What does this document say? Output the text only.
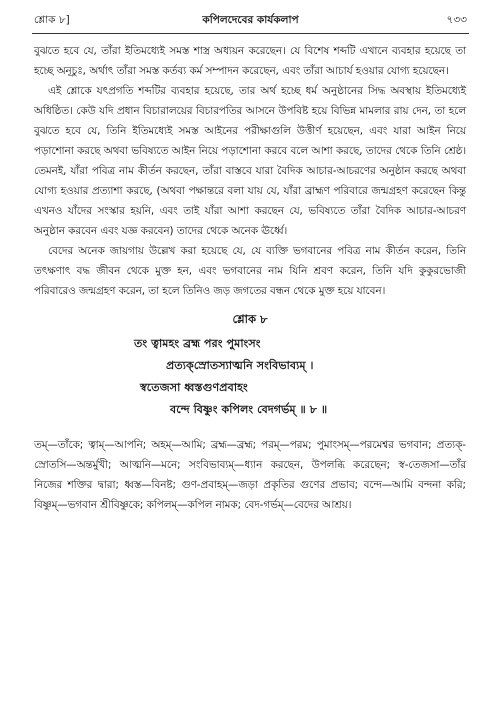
শ্লোক ৮]	কপিলদেবের কার্যকলাপ	৭৩৩

বুঝতে হবে যে, তাঁরা ইতিমধ্যেই সমস্ত শাস্ত্র অধ্যয়ন করেছেন। যে বিশেষ শব্দটি এখানে ব্যবহার হয়েছে তা হচ্ছে অনূচুঃ, অর্থাৎ তাঁরা সমস্ত কর্তব্য কর্ম সম্পাদন করেছেন, এবং তাঁরা আচার্য হওয়ার যোগ্য হয়েছেন।

এই শ্লোকে যৎপ্রগতি শব্দটির ব্যবহার হয়েছে, তার অর্থ হচ্ছে ধর্ম অনুষ্ঠানের সিদ্ধ অবস্থায় ইতিমধ্যেই অধিষ্ঠিত। কেউ যদি প্রধান বিচারালয়ের বিচারপতির আসনে উপবিষ্ট হয়ে বিভিন্ন মামলার রায় দেন, তা হলে বুঝতে হবে যে, তিনি ইতিমধ্যেই সমস্ত আইনের পরীক্ষাগুলি উত্তীর্ণ হয়েছেন, এবং যারা আইন নিয়ে পড়াশোনা করছে অথবা ভবিষ্যতে আইন নিয়ে পড়াশোনা করবে বলে আশা করছে, তাদের থেকে তিনি শ্রেষ্ঠ। তেমনই, যাঁরা পবিত্র নাম কীর্তন করছেন, তাঁরা বাস্তবে যারা বৈদিক আচার-আচরণের অনুষ্ঠান করছে অথবা যোগ্য হওয়ার প্রত্যাশা করছে, (অথবা পক্ষান্তরে বলা যায় যে, যাঁরা ব্রাহ্মণ পরিবারে জন্মগ্রহণ করেছেন কিন্তু এখনও যাঁদের সংস্কার হয়নি, এবং তাই যাঁরা আশা করছেন যে, ভবিষ্যতে তাঁরা বৈদিক আচার-আচরণ অনুষ্ঠান করবেন এবং যজ্ঞ করবেন) তাদের থেকে অনেক ঊর্ধ্বে।

বেদের অনেক জায়গায় উল্লেখ করা হয়েছে যে, যে ব্যক্তি ভগবানের পবিত্র নাম কীর্তন করেন, তিনি তৎক্ষণাৎ বদ্ধ জীবন থেকে মুক্ত হন, এবং ভগবানের নাম যিনি শ্রবণ করেন, তিনি যদি কুকুরভোজী পরিবারেও জন্মগ্রহণ করেন, তা হলে তিনিও জড় জগতের বন্ধন থেকে মুক্ত হয়ে যাবেন।

শ্লোক ৮
তং ত্বামহং ব্রহ্ম পরং পুমাংসং
প্রত্যক্‌স্রোতস্যাত্মনি সংবিভাব্যম্ ।
স্বতেজসা ধ্বস্তগুণপ্রবাহং
বন্দে বিষ্ণুং কপিলং বেদগর্ভম্ ॥ ৮ ॥

তম্—তাঁকে; ত্বাম্—আপনি; অহম্—আমি; ব্রহ্ম—ব্রহ্ম; পরম্—পরম; পুমাংসম্—পরমেশ্বর ভগবান; প্রত্যক্-স্রোতসি—অন্তর্মুখী; আত্মনি—মনে; সংবিভাব্যম্—ধ্যান করছেন, উপলব্ধি করেছেন; স্ব-তেজসা—তাঁর নিজের শক্তির দ্বারা; ধ্বস্ত—বিনষ্ট; গুণ-প্রবাহম্—জড়া প্রকৃতির গুণের প্রভাব; বন্দে—আমি বন্দনা করি; বিষ্ণুম্—ভগবান শ্রীবিষ্ণুকে; কপিলম্—কপিল নামক; বেদ-গর্ভম্—বেদের আশ্রয়।
